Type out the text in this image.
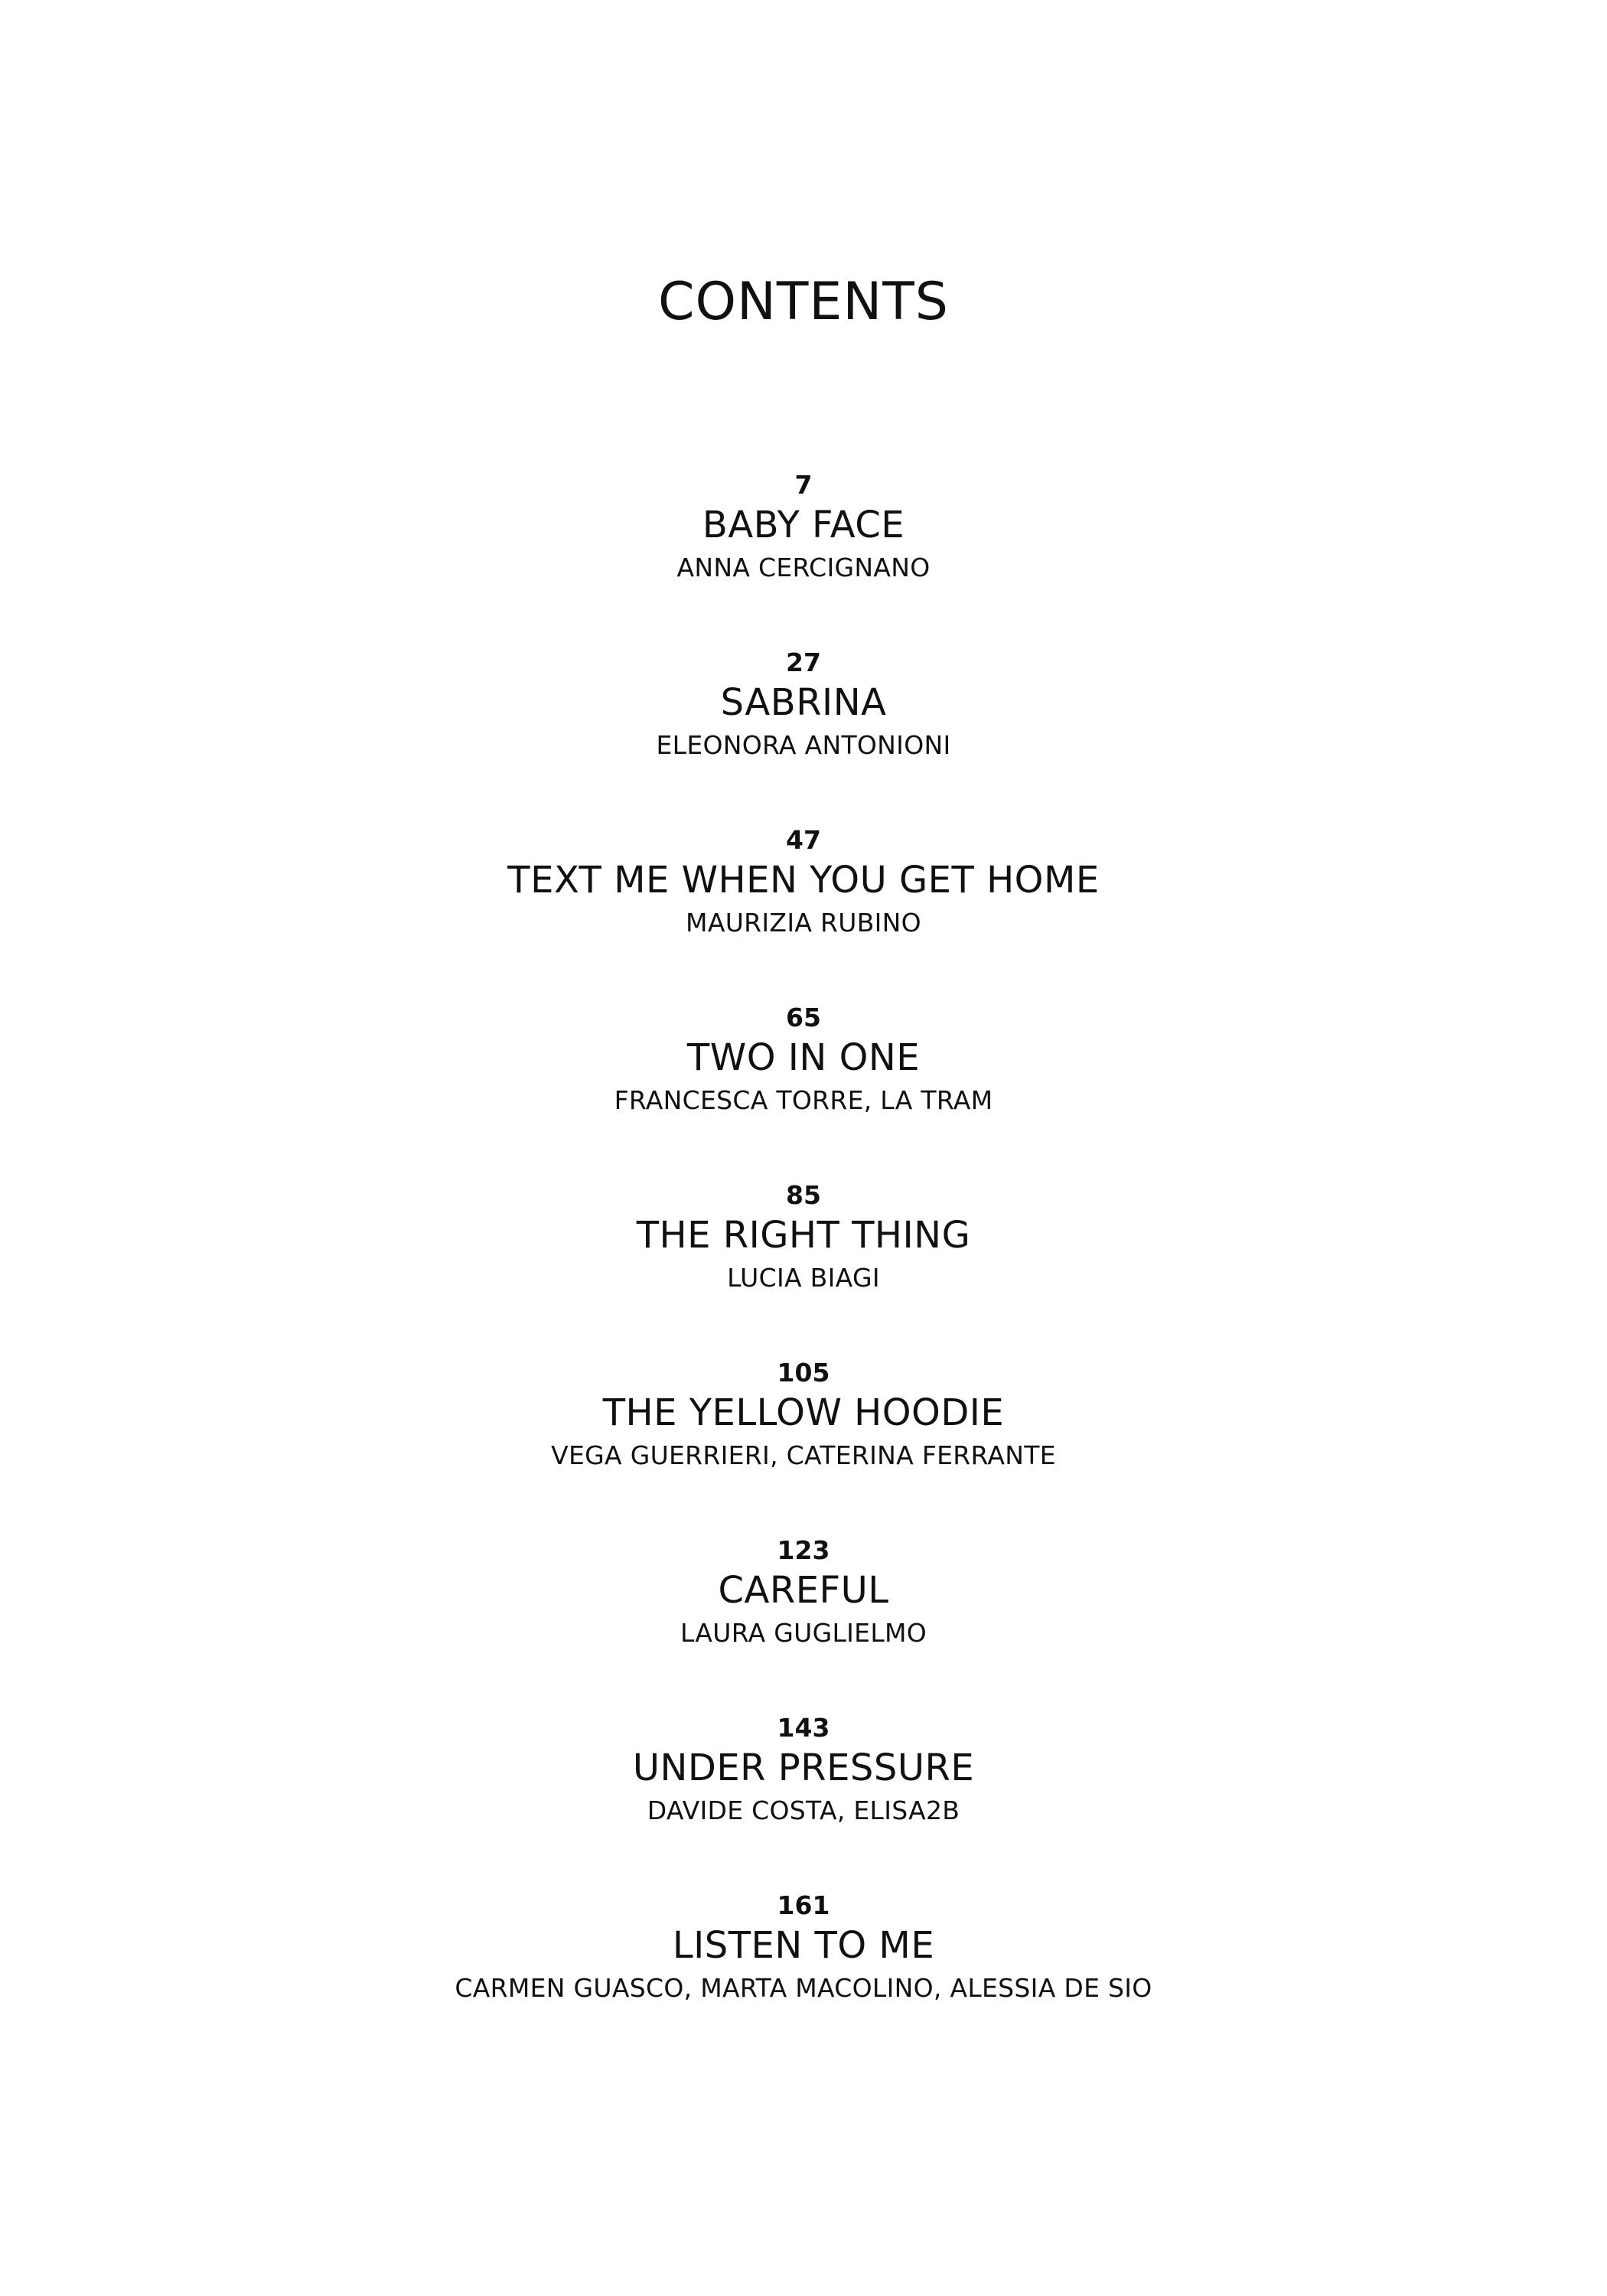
CONTENTS
7
BABY FACE
ANNA CERCIGNANO
27
SABRINA
ELEONORA ANTONIONI
47
TEXT ME WHEN YOU GET HOME
MAURIZIA RUBINO
65
TWO IN ONE
FRANCESCA TORRE, LA TRAM
85
THE RIGHT THING
LUCIA BIAGI
105
THE YELLOW HOODIE
VEGA GUERRIERI, CATERINA FERRANTE
123
CAREFUL
LAURA GUGLIELMO
143
UNDER PRESSURE
DAVIDE COSTA, ELISA2B
161
LISTEN TO ME
CARMEN GUASCO, MARTA MACOLINO, ALESSIA DE SIO
